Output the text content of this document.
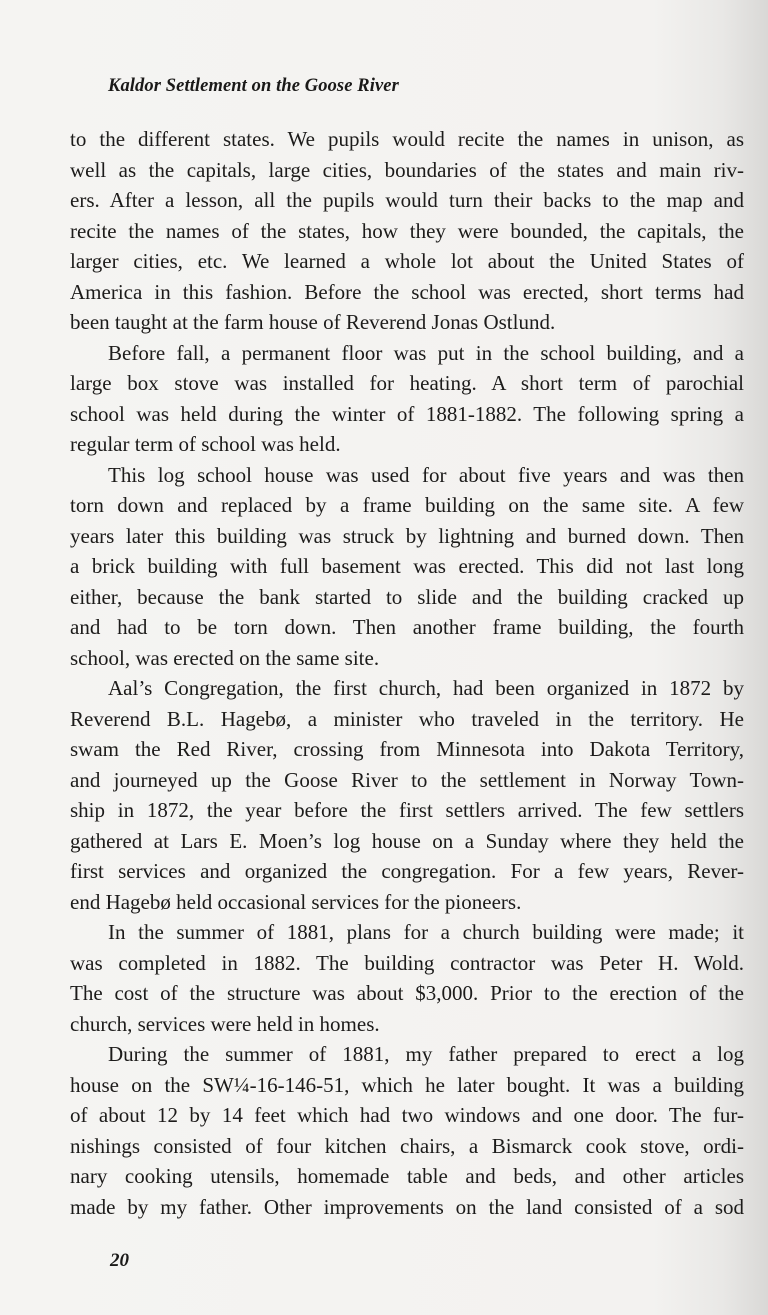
Kaldor Settlement on the Goose River
to the different states. We pupils would recite the names in unison, as
well as the capitals, large cities, boundaries of the states and main riv-
ers. After a lesson, all the pupils would turn their backs to the map and
recite the names of the states, how they were bounded, the capitals, the
larger cities, etc. We learned a whole lot about the United States of
America in this fashion. Before the school was erected, short terms had
been taught at the farm house of Reverend Jonas Ostlund.
Before fall, a permanent floor was put in the school building, and a
large box stove was installed for heating. A short term of parochial
school was held during the winter of 1881-1882. The following spring a
regular term of school was held.
This log school house was used for about five years and was then
torn down and replaced by a frame building on the same site. A few
years later this building was struck by lightning and burned down. Then
a brick building with full basement was erected. This did not last long
either, because the bank started to slide and the building cracked up
and had to be torn down. Then another frame building, the fourth
school, was erected on the same site.
Aal’s Congregation, the first church, had been organized in 1872 by
Reverend B.L. Hagebø, a minister who traveled in the territory. He
swam the Red River, crossing from Minnesota into Dakota Territory,
and journeyed up the Goose River to the settlement in Norway Town-
ship in 1872, the year before the first settlers arrived. The few settlers
gathered at Lars E. Moen’s log house on a Sunday where they held the
first services and organized the congregation. For a few years, Rever-
end Hagebø held occasional services for the pioneers.
In the summer of 1881, plans for a church building were made; it
was completed in 1882. The building contractor was Peter H. Wold.
The cost of the structure was about $3,000. Prior to the erection of the
church, services were held in homes.
During the summer of 1881, my father prepared to erect a log
house on the SW¼-16-146-51, which he later bought. It was a building
of about 12 by 14 feet which had two windows and one door. The fur-
nishings consisted of four kitchen chairs, a Bismarck cook stove, ordi-
nary cooking utensils, homemade table and beds, and other articles
made by my father. Other improvements on the land consisted of a sod
20
